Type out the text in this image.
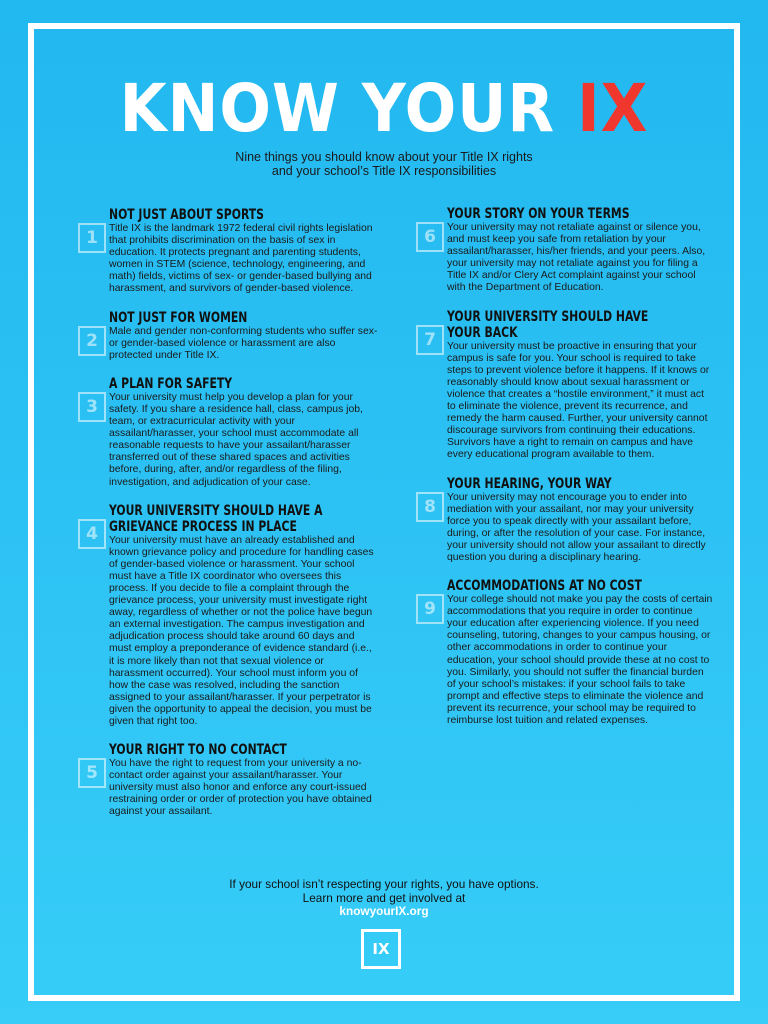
KNOW YOUR IX
Nine things you should know about your Title IX rights
and your school’s Title IX responsibilities
1
NOT JUST ABOUT SPORTS

Title IX is the landmark 1972 federal civil rights legislation that prohibits discrimination on the basis of sex in education. It protects pregnant and parenting students, women in STEM (science, technology, engineering, and math) fields, victims of sex- or gender-based bullying and harassment, and survivors of gender-based violence.

2
NOT JUST FOR WOMEN

Male and gender non-conforming students who suffer sex- or gender-based violence or harassment are also protected under Title IX.

3
A PLAN FOR SAFETY

Your university must help you develop a plan for your safety. If you share a residence hall, class, campus job, team, or extracurricular activity with your assailant/harasser, your school must accommodate all reasonable requests to have your assailant/harasser transferred out of these shared spaces and activities before, during, after, and/or regardless of the filing, investigation, and adjudication of your case.

4
YOUR UNIVERSITY SHOULD HAVE A
GRIEVANCE PROCESS IN PLACE

Your university must have an already established and known grievance policy and procedure for handling cases of gender-based violence or harassment. Your school must have a Title IX coordinator who oversees this process. If you decide to file a complaint through the grievance process, your university must investigate right away, regardless of whether or not the police have begun an external investigation. The campus investigation and adjudication process should take around 60 days and must employ a preponderance of evidence standard (i.e., it is more likely than not that sexual violence or harassment occurred). Your school must inform you of how the case was resolved, including the sanction assigned to your assailant/harasser. If your perpetrator is given the opportunity to appeal the decision, you must be given that right too.

5
YOUR RIGHT TO NO CONTACT

You have the right to request from your university a no-contact order against your assailant/harasser. Your university must also honor and enforce any court-issued restraining order or order of protection you have obtained against your assailant.

6
YOUR STORY ON YOUR TERMS

Your university may not retaliate against or silence you, and must keep you safe from retaliation by your assailant/harasser, his/her friends, and your peers. Also, your university may not retaliate against you for filing a Title IX and/or Clery Act complaint against your school with the Department of Education.

7
YOUR UNIVERSITY SHOULD HAVE
YOUR BACK

Your university must be proactive in ensuring that your campus is safe for you. Your school is required to take steps to prevent violence before it happens. If it knows or reasonably should know about sexual harassment or violence that creates a “hostile environment,” it must act to eliminate the violence, prevent its recurrence, and remedy the harm caused. Further, your university cannot discourage survivors from continuing their educations. Survivors have a right to remain on campus and have every educational program available to them.

8
YOUR HEARING, YOUR WAY

Your university may not encourage you to ender into mediation with your assailant, nor may your university force you to speak directly with your assailant before, during, or after the resolution of your case. For instance, your university should not allow your assailant to directly question you during a disciplinary hearing.

9
ACCOMMODATIONS AT NO COST

Your college should not make you pay the costs of certain accommodations that you require in order to continue your education after experiencing violence. If you need counseling, tutoring, changes to your campus housing, or other accommodations in order to continue your education, your school should provide these at no cost to you. Similarly, you should not suffer the financial burden of your school’s mistakes: if your school fails to take prompt and effective steps to eliminate the violence and prevent its recurrence, your school may be required to reimburse lost tuition and related expenses.

If your school isn’t respecting your rights, you have options.
Learn more and get involved at
knowyourIX.org
IX
